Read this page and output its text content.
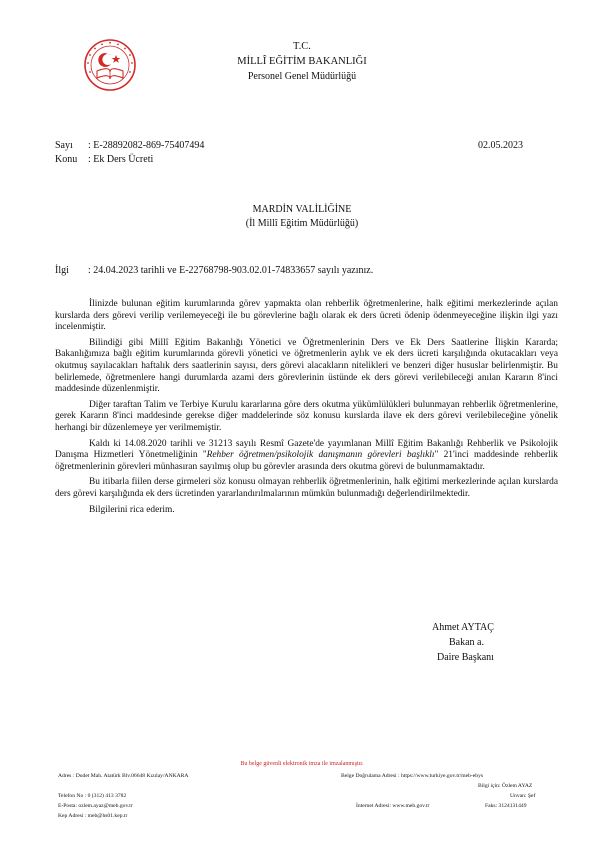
T.C.
MİLLÎ EĞİTİM BAKANLIĞI
Personel Genel Müdürlüğü
Sayı : E-28892082-869-75407494	02.05.2023
Konu : Ek Ders Ücreti
MARDİN VALİLİĞİNE
(İl Millî Eğitim Müdürlüğü)
İlgi : 24.04.2023 tarihli ve E-22768798-903.02.01-74833657 sayılı yazınız.

İlinizde bulunan eğitim kurumlarında görev yapmakta olan rehberlik öğretmenlerine, halk eğitimi merkezlerinde açılan kurslarda ders görevi verilip verilemeyeceği ile bu görevlerine bağlı olarak ek ders ücreti ödenip ödenmeyeceğine ilişkin ilgi yazı incelenmiştir.

Bilindiği gibi Millî Eğitim Bakanlığı Yönetici ve Öğretmenlerinin Ders ve Ek Ders Saatlerine İlişkin Kararda; Bakanlığımıza bağlı eğitim kurumlarında görevli yönetici ve öğretmenlerin aylık ve ek ders ücreti karşılığında okutacakları veya okutmuş sayılacakları haftalık ders saatlerinin sayısı, ders görevi alacakların nitelikleri ve benzeri diğer hususlar belirlenmiştir. Bu belirlemede, öğretmenlere hangi durumlarda azami ders görevlerinin üstünde ek ders görevi verilebileceği anılan Kararın 8'inci maddesinde düzenlenmiştir.

Diğer taraftan Talim ve Terbiye Kurulu kararlarına göre ders okutma yükümlülükleri bulunmayan rehberlik öğretmenlerine, gerek Kararın 8'inci maddesinde gerekse diğer maddelerinde söz konusu kurslarda ilave ek ders görevi verilebileceğine yönelik herhangi bir düzenlemeye yer verilmemiştir.

Kaldı ki 14.08.2020 tarihli ve 31213 sayılı Resmî Gazete'de yayımlanan Millî Eğitim Bakanlığı Rehberlik ve Psikolojik Danışma Hizmetleri Yönetmeliğinin "Rehber öğretmen/psikolojik danışmanın görevleri başlıklı" 21'inci maddesinde rehberlik öğretmenlerinin görevleri münhasıran sayılmış olup bu görevler arasında ders okutma görevi de bulunmamaktadır.

Bu itibarla fiilen derse girmeleri söz konusu olmayan rehberlik öğretmenlerinin, halk eğitimi merkezlerinde açılan kurslarda ders görevi karşılığında ek ders ücretinden yararlandırılmalarının mümkün bulunmadığı değerlendirilmektedir.

Bilgilerini rica ederim.

Ahmet AYTAÇ
Bakan a.
Daire Başkanı
Bu belge güvenli elektronik imza ile imzalanmıştır.
Adres : Dudet Mah. Atatürk Blv.06648 Kızılay/ANKARA	Belge Doğrulama Adresi : https://www.turkiye.gov.tr/meb-ebys
Bilgi için: Özlem AYAZ
Telefon No : 0 (312) 413 3782	Unvan: Şef
E-Posta: ozlem.ayaz@meb.gov.tr	İnternet Adresi: www.meb.gov.tr	Faks: 3124131449
Kep Adresi : meb@hs01.kep.tr
